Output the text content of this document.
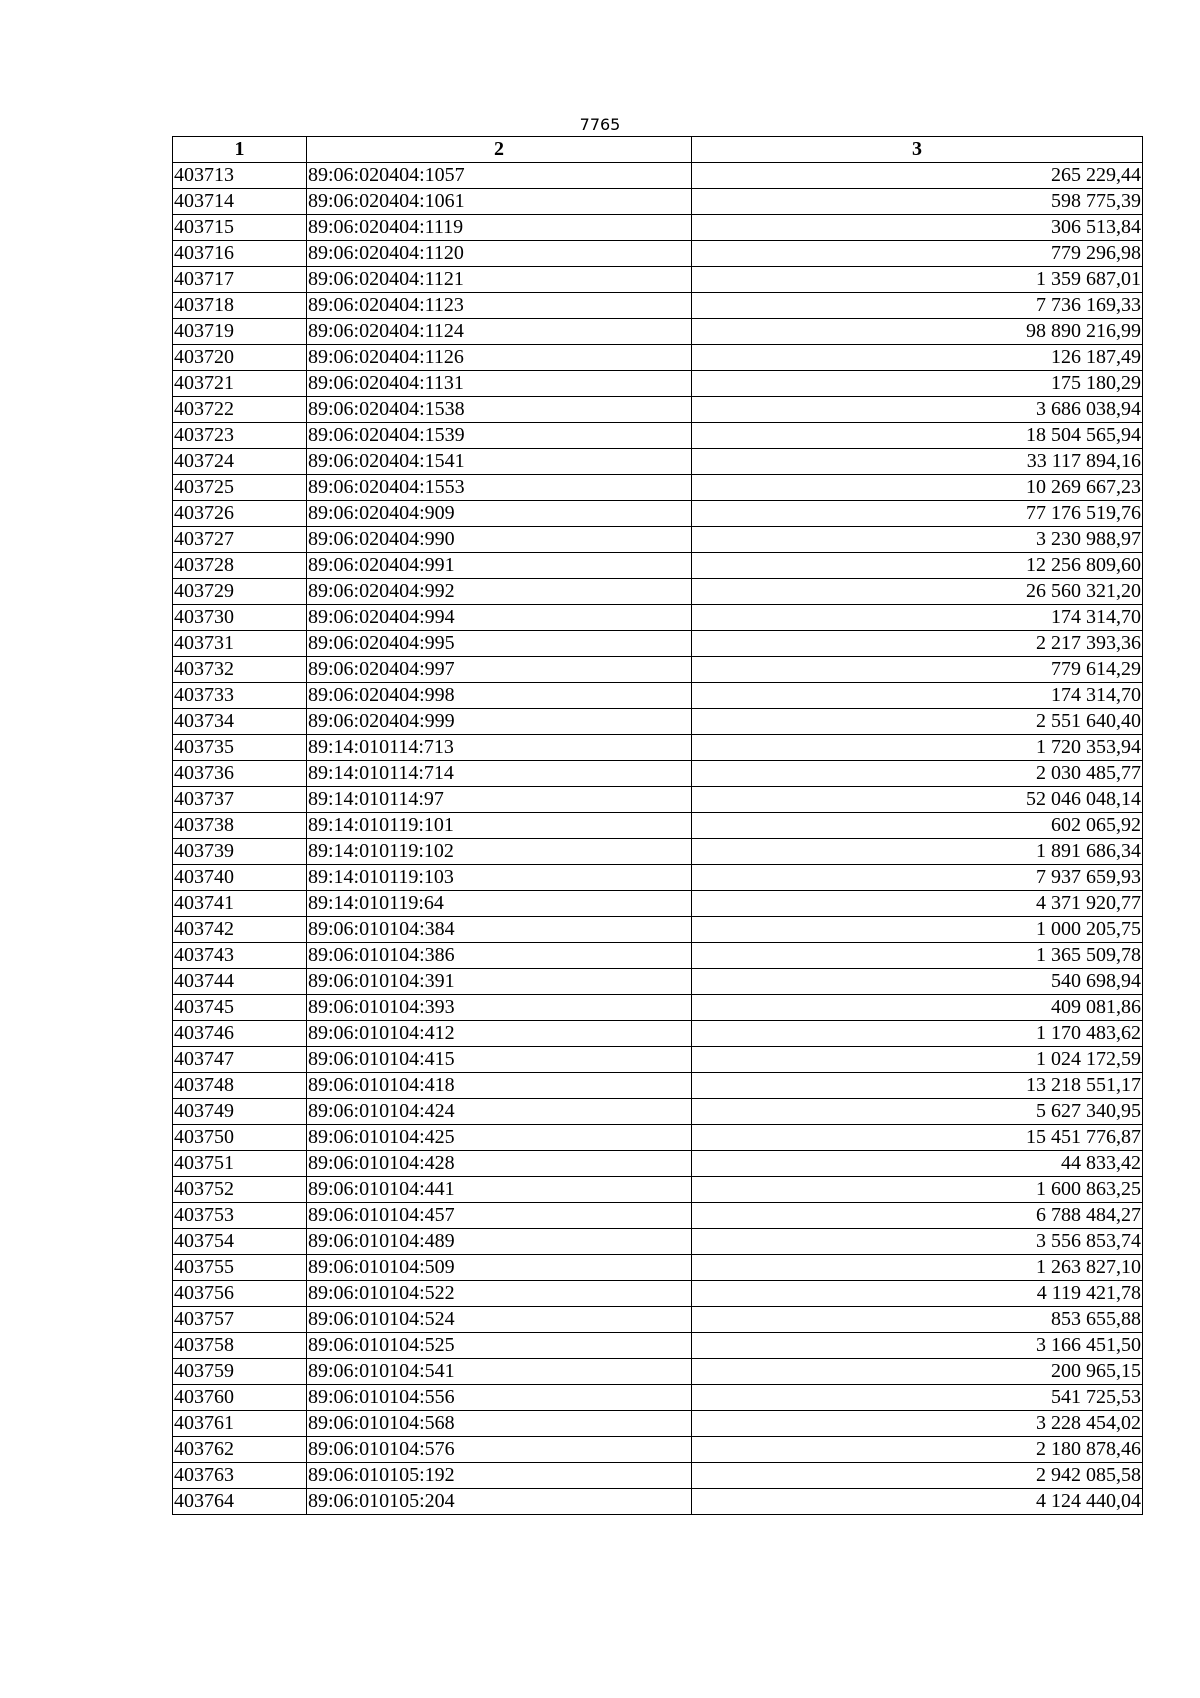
7765
1	2	3
403713	89:06:020404:1057	265 229,44
403714	89:06:020404:1061	598 775,39
403715	89:06:020404:1119	306 513,84
403716	89:06:020404:1120	779 296,98
403717	89:06:020404:1121	1 359 687,01
403718	89:06:020404:1123	7 736 169,33
403719	89:06:020404:1124	98 890 216,99
403720	89:06:020404:1126	126 187,49
403721	89:06:020404:1131	175 180,29
403722	89:06:020404:1538	3 686 038,94
403723	89:06:020404:1539	18 504 565,94
403724	89:06:020404:1541	33 117 894,16
403725	89:06:020404:1553	10 269 667,23
403726	89:06:020404:909	77 176 519,76
403727	89:06:020404:990	3 230 988,97
403728	89:06:020404:991	12 256 809,60
403729	89:06:020404:992	26 560 321,20
403730	89:06:020404:994	174 314,70
403731	89:06:020404:995	2 217 393,36
403732	89:06:020404:997	779 614,29
403733	89:06:020404:998	174 314,70
403734	89:06:020404:999	2 551 640,40
403735	89:14:010114:713	1 720 353,94
403736	89:14:010114:714	2 030 485,77
403737	89:14:010114:97	52 046 048,14
403738	89:14:010119:101	602 065,92
403739	89:14:010119:102	1 891 686,34
403740	89:14:010119:103	7 937 659,93
403741	89:14:010119:64	4 371 920,77
403742	89:06:010104:384	1 000 205,75
403743	89:06:010104:386	1 365 509,78
403744	89:06:010104:391	540 698,94
403745	89:06:010104:393	409 081,86
403746	89:06:010104:412	1 170 483,62
403747	89:06:010104:415	1 024 172,59
403748	89:06:010104:418	13 218 551,17
403749	89:06:010104:424	5 627 340,95
403750	89:06:010104:425	15 451 776,87
403751	89:06:010104:428	44 833,42
403752	89:06:010104:441	1 600 863,25
403753	89:06:010104:457	6 788 484,27
403754	89:06:010104:489	3 556 853,74
403755	89:06:010104:509	1 263 827,10
403756	89:06:010104:522	4 119 421,78
403757	89:06:010104:524	853 655,88
403758	89:06:010104:525	3 166 451,50
403759	89:06:010104:541	200 965,15
403760	89:06:010104:556	541 725,53
403761	89:06:010104:568	3 228 454,02
403762	89:06:010104:576	2 180 878,46
403763	89:06:010105:192	2 942 085,58
403764	89:06:010105:204	4 124 440,04
